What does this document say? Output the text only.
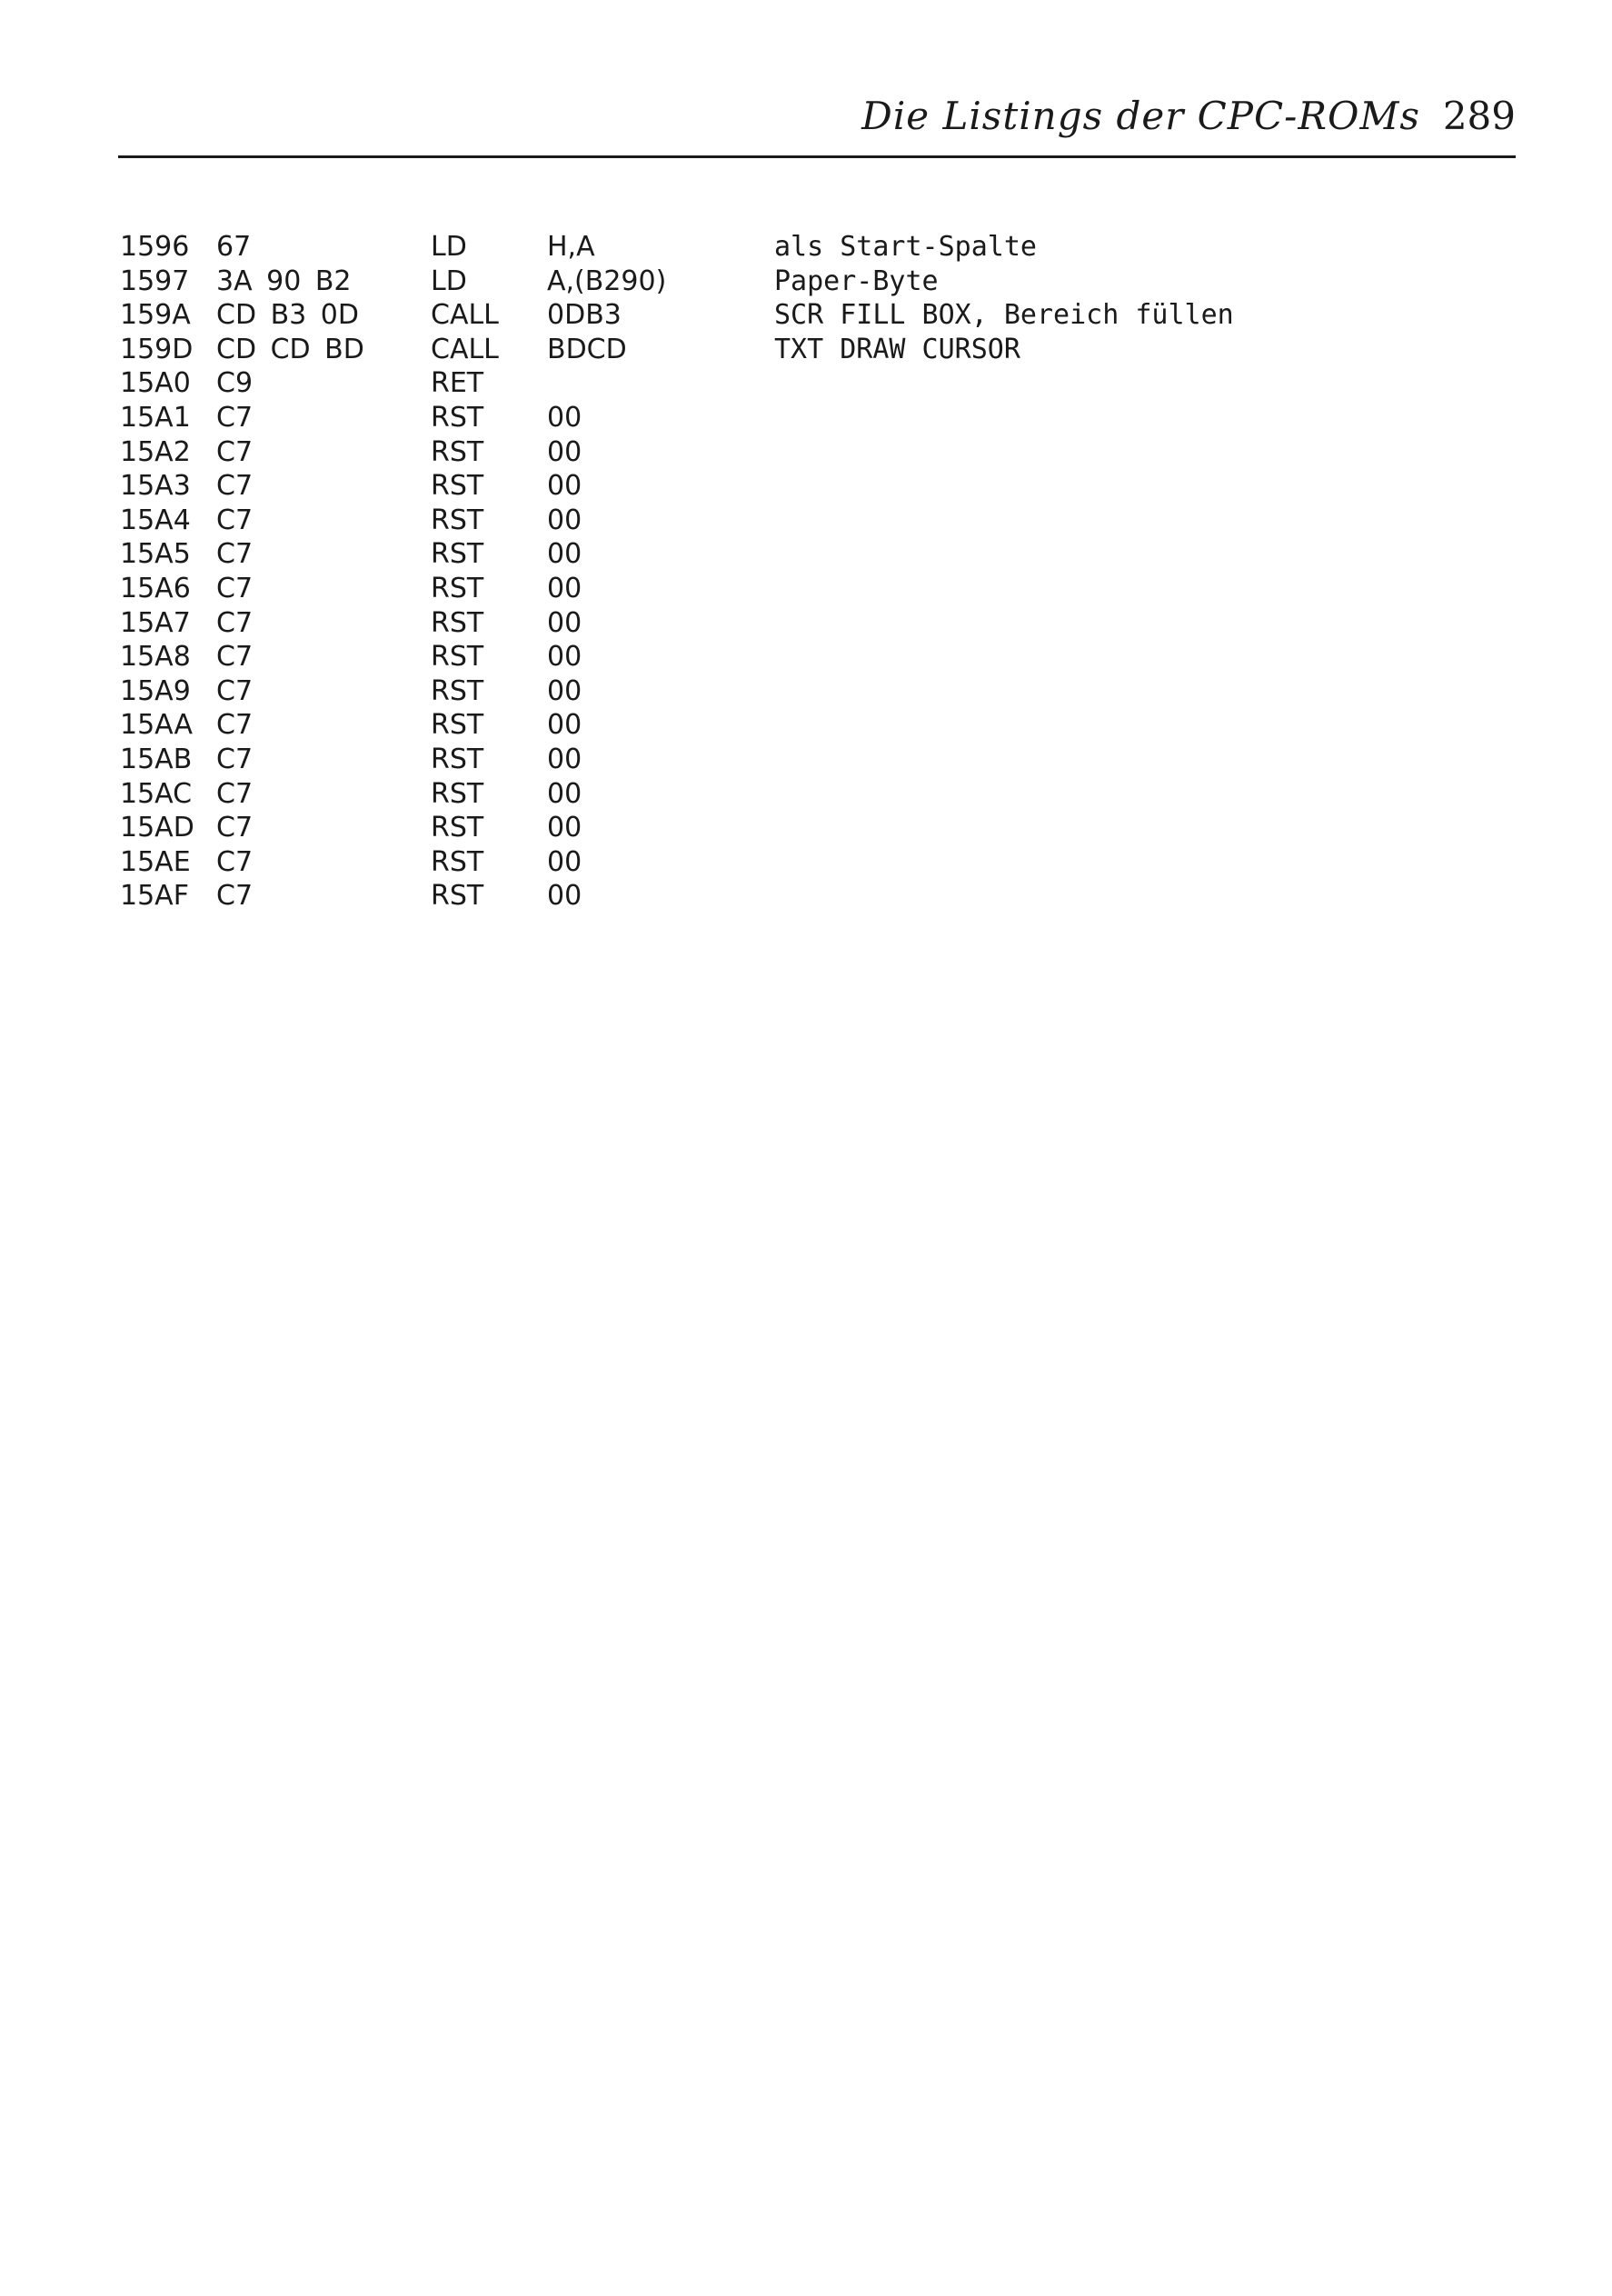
Die Listings der CPC-ROMs 289
1596 67	LD	H,A	als Start-Spalte
1597 3A 90 B2	LD	A,(B290)	Paper-Byte
159A CD B3 0D	CALL 0DB3	SCR FILL BOX, Bereich füllen
159D CD CD BD CALL BDCD	TXT DRAW CURSOR
15A0 C9	RET
15A1 C7	RST 00
15A2 C7	RST 00
15A3 C7	RST 00
15A4 C7	RST 00
15A5 C7	RST 00
15A6 C7	RST 00
15A7 C7	RST 00
15A8 C7	RST 00
15A9 C7	RST 00
15AA C7	RST 00
15AB C7	RST 00
15AC C7	RST 00
15AD C7	RST 00
15AE C7	RST 00
15AF C7	RST 00
